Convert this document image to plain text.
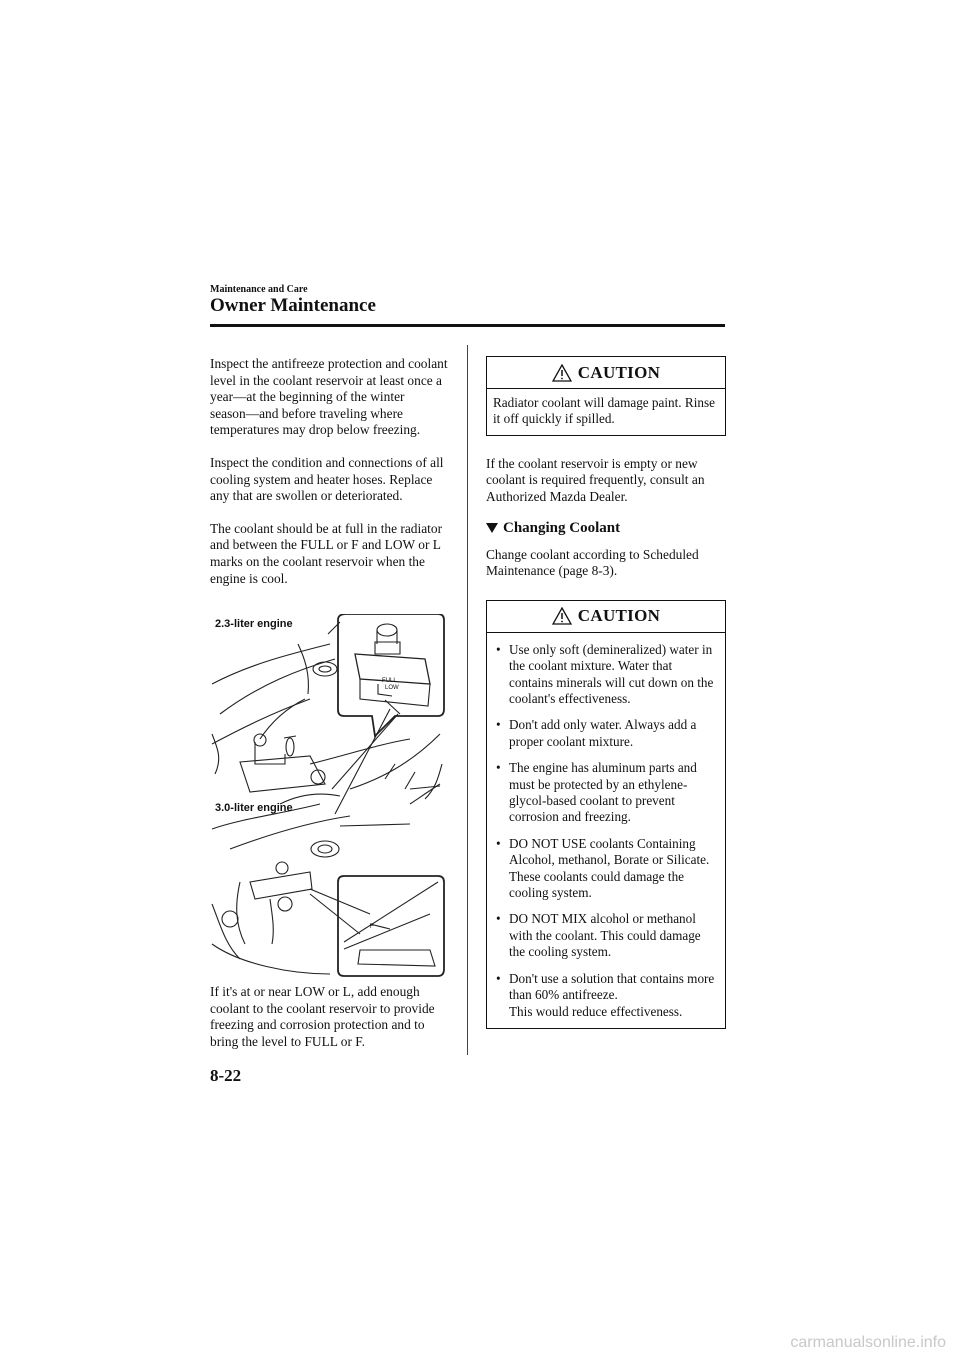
Maintenance and Care
Owner Maintenance

Inspect the antifreeze protection and coolant level in the coolant reservoir at least once a year―at the beginning of the winter season―and before traveling where temperatures may drop below freezing.

Inspect the condition and connections of all cooling system and heater hoses. Replace any that are swollen or deteriorated.

The coolant should be at full in the radiator and between the FULL or F and LOW or L marks on the coolant reservoir when the engine is cool.

2.3-liter engine
3.0-liter engine
FULL
LOW
F

If it's at or near LOW or L, add enough coolant to the coolant reservoir to provide freezing and corrosion protection and to bring the level to FULL or F.

CAUTION

Radiator coolant will damage paint. Rinse it off quickly if spilled.

If the coolant reservoir is empty or new coolant is required frequently, consult an Authorized Mazda Dealer.

Changing Coolant

Change coolant according to Scheduled Maintenance (page 8-3).

CAUTION
• Use only soft (demineralized) water in the coolant mixture. Water that contains minerals will cut down on the coolant's effectiveness.
• Don't add only water. Always add a proper coolant mixture.
• The engine has aluminum parts and must be protected by an ethylene-glycol-based coolant to prevent corrosion and freezing.
• DO NOT USE coolants Containing Alcohol, methanol, Borate or Silicate.
These coolants could damage the cooling system.
• DO NOT MIX alcohol or methanol with the coolant. This could damage the cooling system.
• Don't use a solution that contains more than 60% antifreeze.
This would reduce effectiveness.
8-22
carmanualsonline.info
